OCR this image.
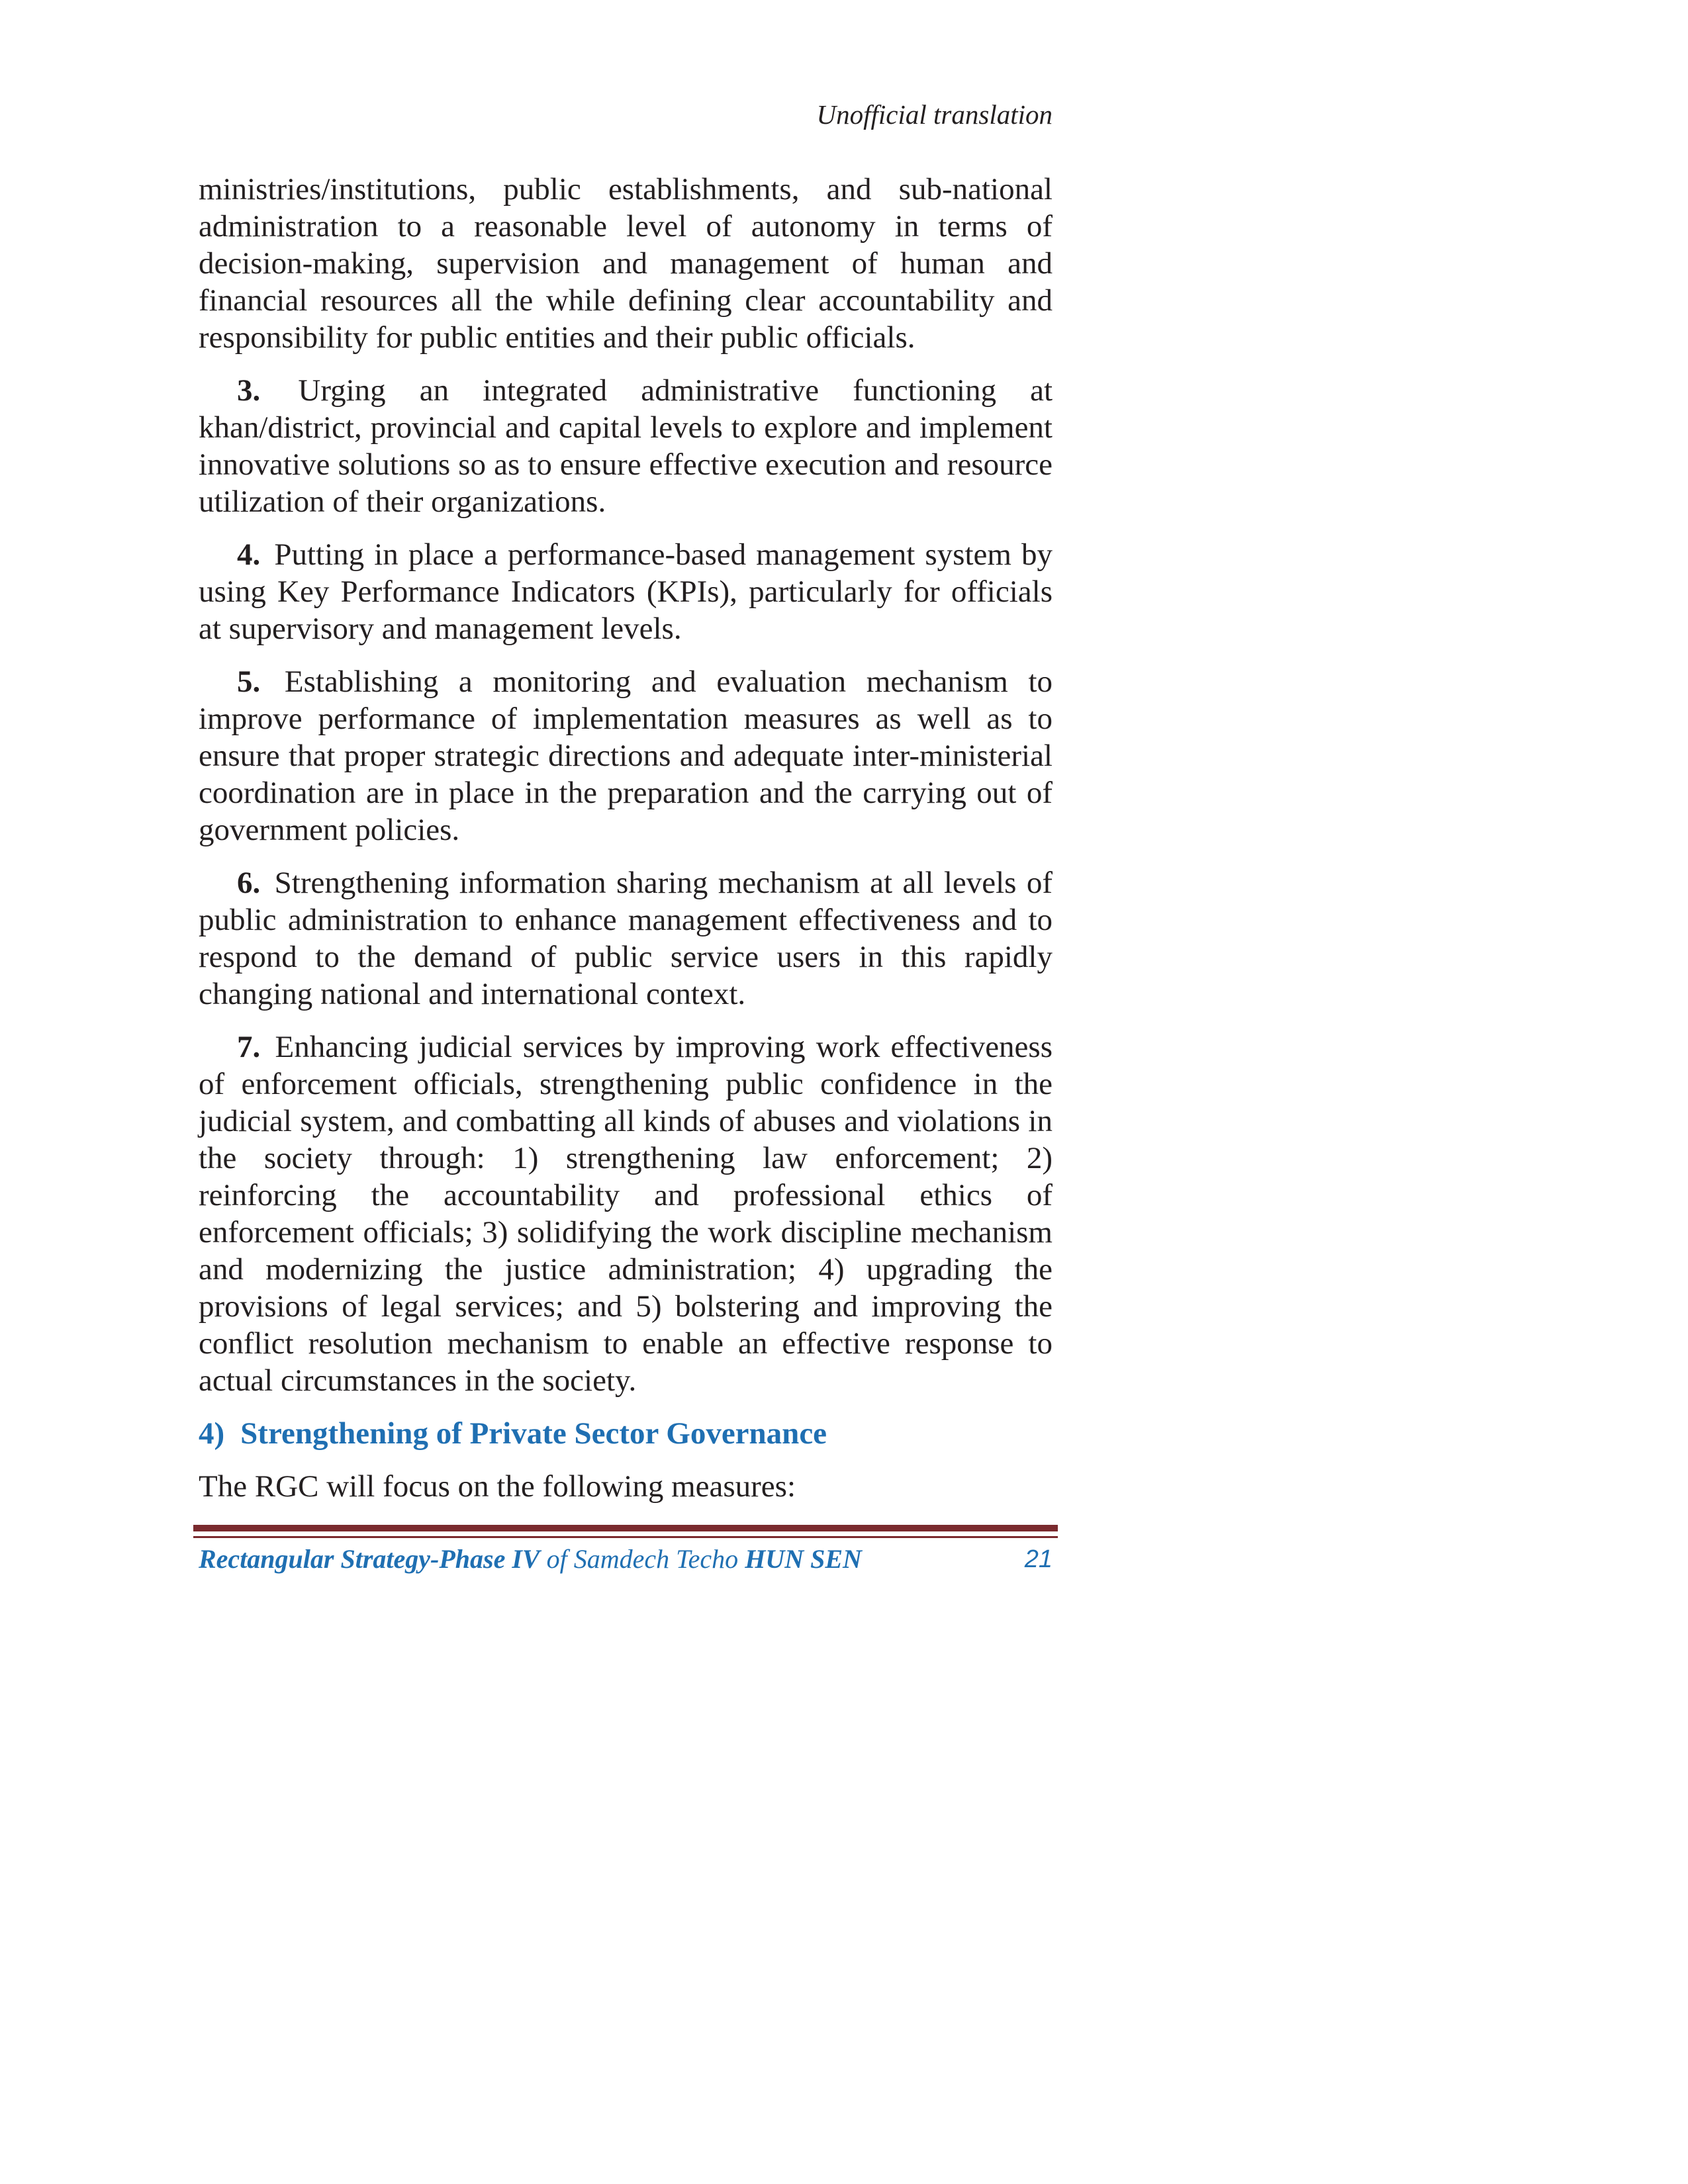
Unofficial translation

ministries/institutions, public establishments, and sub-national administration to a reasonable level of autonomy in terms of decision-making, supervision and management of human and financial resources all the while defining clear accountability and responsibility for public entities and their public officials.

3. Urging an integrated administrative functioning at khan/district, provincial and capital levels to explore and implement innovative solutions so as to ensure effective execution and resource utilization of their organizations.

4. Putting in place a performance-based management system by using Key Performance Indicators (KPIs), particularly for officials at supervisory and management levels.

5. Establishing a monitoring and evaluation mechanism to improve performance of implementation measures as well as to ensure that proper strategic directions and adequate inter-ministerial coordination are in place in the preparation and the carrying out of government policies.

6. Strengthening information sharing mechanism at all levels of public administration to enhance management effectiveness and to respond to the demand of public service users in this rapidly changing national and international context.

7. Enhancing judicial services by improving work effectiveness of enforcement officials, strengthening public confidence in the judicial system, and combatting all kinds of abuses and violations in the society through: 1) strengthening law enforcement; 2) reinforcing the accountability and professional ethics of enforcement officials; 3) solidifying the work discipline mechanism and modernizing the justice administration; 4) upgrading the provisions of legal services; and 5) bolstering and improving the conflict resolution mechanism to enable an effective response to actual circumstances in the society.

4) Strengthening of Private Sector Governance

The RGC will focus on the following measures:

Rectangular Strategy-Phase IV of Samdech Techo HUN SEN	21
